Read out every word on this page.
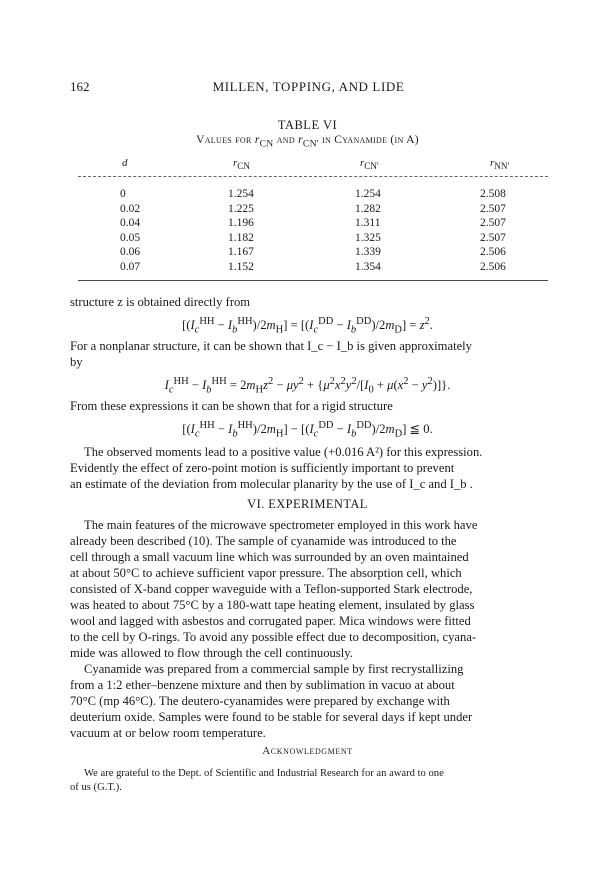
162	MILLEN, TOPPING, AND LIDE
TABLE VI
Values for $r_{CN}$ and $r_{CN'}$ in Cyanamide (in A)
d	$r_{CN}$	$r_{CN'}$	$r_{NN'}$
0	1.254	1.254	2.508
0.02	1.225	1.282	2.507
0.04	1.196	1.311	2.507
0.05	1.182	1.325	2.507
0.06	1.167	1.339	2.506
0.07	1.152	1.354	2.506
structure z is obtained directly from
$[(I_c^{HH} - I_b^{HH})/2m_H] = [(I_c^{DD} - I_b^{DD})/2m_D] = z^2$.
For a nonplanar structure, it can be shown that I_c − I_b is given approximately
by
$I_c^{HH} - I_b^{HH} = 2m_Hz^2 - \mu y^2 + \{\mu^2x^2y^2/[I_0 + \mu(x^2 - y^2)]\}$.
From these expressions it can be shown that for a rigid structure
$[(I_c^{HH} - I_b^{HH})/2m_H] - [(I_c^{DD} - I_b^{DD})/2m_D]$ ≦ 0.
The observed moments lead to a positive value (+0.016 A²) for this expression.
Evidently the effect of zero-point motion is sufficiently important to prevent
an estimate of the deviation from molecular planarity by the use of I_c and I_b .
VI. EXPERIMENTAL
The main features of the microwave spectrometer employed in this work have
already been described (10). The sample of cyanamide was introduced to the
cell through a small vacuum line which was surrounded by an oven maintained
at about 50°C to achieve sufficient vapor pressure. The absorption cell, which
consisted of X-band copper waveguide with a Teflon-supported Stark electrode,
was heated to about 75°C by a 180-watt tape heating element, insulated by glass
wool and lagged with asbestos and corrugated paper. Mica windows were fitted
to the cell by O-rings. To avoid any possible effect due to decomposition, cyana-
mide was allowed to flow through the cell continuously.
Cyanamide was prepared from a commercial sample by first recrystallizing
from a 1:2 ether–benzene mixture and then by sublimation in vacuo at about
70°C (mp 46°C). The deutero-cyanamides were prepared by exchange with
deuterium oxide. Samples were found to be stable for several days if kept under
vacuum at or below room temperature.
Acknowledgment
We are grateful to the Dept. of Scientific and Industrial Research for an award to one
of us (G.T.).
